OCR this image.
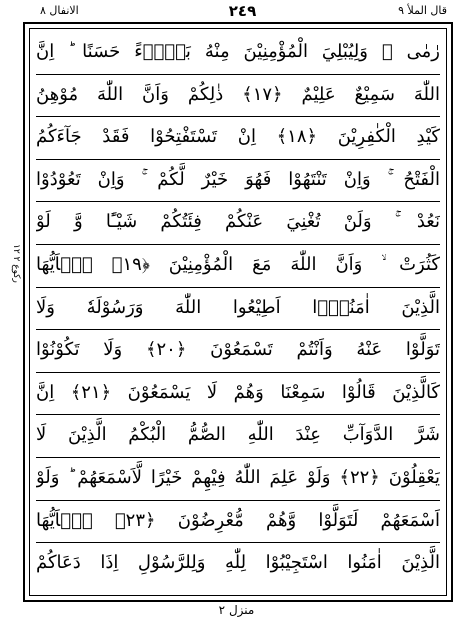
الانفال ٨	٢٤٩	قال الملأ ٩
ركوع ٢ ١٢
رٰمٰى ۚ وَلِيُبْلِيَ الْمُؤْمِنِيْنَ مِنْهُ بَلَاۤءً حَسَنًا ؕ اِنَّ
اللّٰهَ سَمِيْعٌ عَلِيْمٌ ﴿١٧﴾ ذٰلِكُمْ وَاَنَّ اللّٰهَ مُوْهِنُ
كَيْدِ الْكٰفِرِيْنَ ﴿١٨﴾ اِنْ تَسْتَفْتِحُوْا فَقَدْ جَآءَكُمُ
الْفَتْحُ ۚ وَاِنْ تَنْتَهُوْا فَهُوَ خَيْرٌ لَّكُمْ ۚ وَاِنْ تَعُوْدُوْا
نَعُدْ ۚ وَلَنْ تُغْنِيَ عَنْكُمْ فِئَتُكُمْ شَيْـًٔا وَّ لَوْ
كَثُرَتْ ۙ وَاَنَّ اللّٰهَ مَعَ الْمُؤْمِنِيْنَ ﴿١٩﴾ يٰۤاَيُّهَا
الَّذِيْنَ اٰمَنُوْۤا اَطِيْعُوا اللّٰهَ وَرَسُوْلَهٗ وَلَا
تَوَلَّوْا عَنْهُ وَاَنْتُمْ تَسْمَعُوْنَ ﴿٢٠﴾ وَلَا تَكُوْنُوْا
كَالَّذِيْنَ قَالُوْا سَمِعْنَا وَهُمْ لَا يَسْمَعُوْنَ ﴿٢١﴾ اِنَّ
شَرَّ الدَّوَآبِّ عِنْدَ اللّٰهِ الصُّمُّ الْبُكْمُ الَّذِيْنَ لَا
يَعْقِلُوْنَ ﴿٢٢﴾ وَلَوْ عَلِمَ اللّٰهُ فِيْهِمْ خَيْرًا لَّاَسْمَعَهُمْ ؕ وَلَوْ
اَسْمَعَهُمْ لَتَوَلَّوْا وَّهُمْ مُّعْرِضُوْنَ ﴿٢٣﴾ يٰۤاَيُّهَا
الَّذِيْنَ اٰمَنُوا اسْتَجِيْبُوْا لِلّٰهِ وَلِلرَّسُوْلِ اِذَا دَعَاكُمْ
منزل ٢
